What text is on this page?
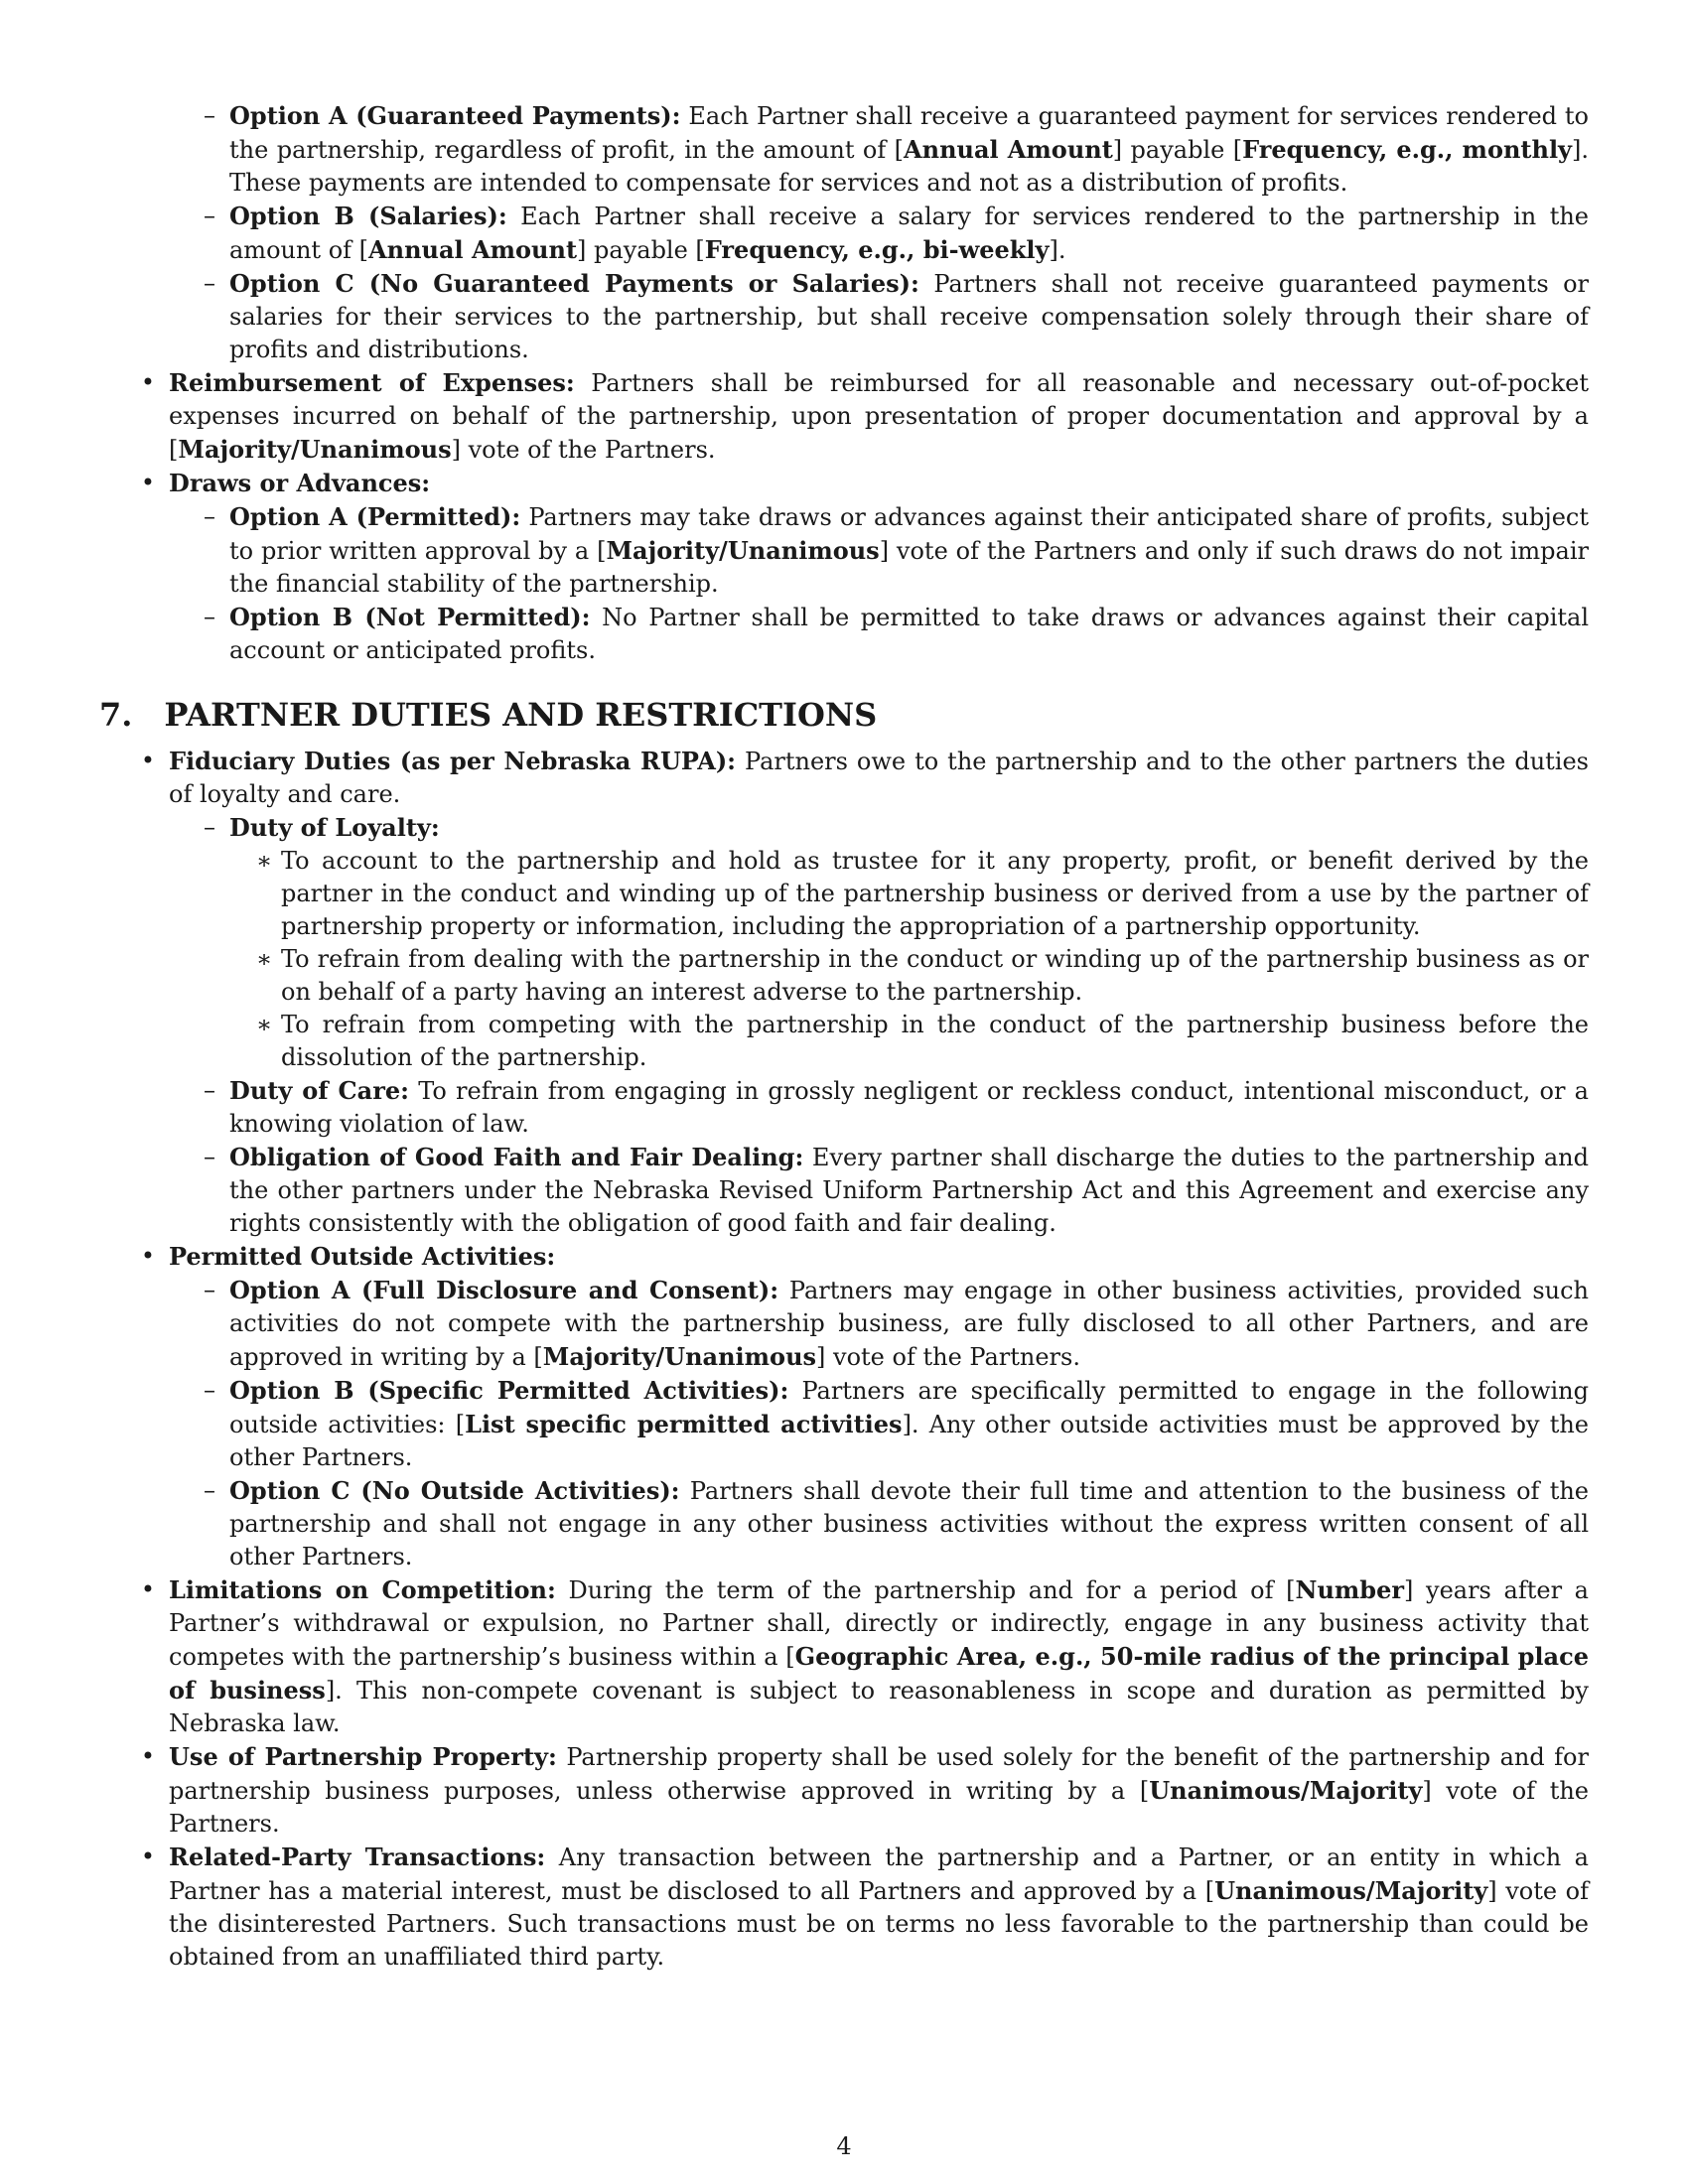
– Option A (Guaranteed Payments): Each Partner shall receive a guaranteed payment for services rendered to the partnership, regardless of profit, in the amount of [Annual Amount] payable [Frequency, e.g., monthly]. These payments are intended to compensate for services and not as a distribution of profits.

– Option B (Salaries): Each Partner shall receive a salary for services rendered to the partnership in the amount of [Annual Amount] payable [Frequency, e.g., bi-weekly].

– Option C (No Guaranteed Payments or Salaries): Partners shall not receive guaranteed payments or salaries for their services to the partnership, but shall receive compensation solely through their share of profits and distributions.

• Reimbursement of Expenses: Partners shall be reimbursed for all reasonable and necessary out-of-pocket expenses incurred on behalf of the partnership, upon presentation of proper documentation and approval by a [Majority/Unanimous] vote of the Partners.

• Draws or Advances:

– Option A (Permitted): Partners may take draws or advances against their anticipated share of profits, subject to prior written approval by a [Majority/Unanimous] vote of the Partners and only if such draws do not impair the financial stability of the partnership.

– Option B (Not Permitted): No Partner shall be permitted to take draws or advances against their capital account or anticipated profits.

7. PARTNER DUTIES AND RESTRICTIONS
• Fiduciary Duties (as per Nebraska RUPA): Partners owe to the partnership and to the other partners the duties of loyalty and care.

– Duty of Loyalty:

∗ To account to the partnership and hold as trustee for it any property, profit, or benefit derived by the partner in the conduct and winding up of the partnership business or derived from a use by the partner of partnership property or information, including the appropriation of a partnership opportunity.

∗ To refrain from dealing with the partnership in the conduct or winding up of the partnership business as or on behalf of a party having an interest adverse to the partnership.

∗ To refrain from competing with the partnership in the conduct of the partnership business before the dissolution of the partnership.

– Duty of Care: To refrain from engaging in grossly negligent or reckless conduct, intentional misconduct, or a knowing violation of law.

– Obligation of Good Faith and Fair Dealing: Every partner shall discharge the duties to the partnership and the other partners under the Nebraska Revised Uniform Partnership Act and this Agreement and exercise any rights consistently with the obligation of good faith and fair dealing.

• Permitted Outside Activities:

– Option A (Full Disclosure and Consent): Partners may engage in other business activities, provided such activities do not compete with the partnership business, are fully disclosed to all other Partners, and are approved in writing by a [Majority/Unanimous] vote of the Partners.

– Option B (Specific Permitted Activities): Partners are specifically permitted to engage in the following outside activities: [List specific permitted activities]. Any other outside activities must be approved by the other Partners.

– Option C (No Outside Activities): Partners shall devote their full time and attention to the business of the partnership and shall not engage in any other business activities without the express written consent of all other Partners.

• Limitations on Competition: During the term of the partnership and for a period of [Number] years after a Partner’s withdrawal or expulsion, no Partner shall, directly or indirectly, engage in any business activity that competes with the partnership’s business within a [Geographic Area, e.g., 50-mile radius of the principal place of business]. This non-compete covenant is subject to reasonableness in scope and duration as permitted by Nebraska law.

• Use of Partnership Property: Partnership property shall be used solely for the benefit of the partnership and for partnership business purposes, unless otherwise approved in writing by a [Unanimous/Majority] vote of the Partners.

• Related-Party Transactions: Any transaction between the partnership and a Partner, or an entity in which a Partner has a material interest, must be disclosed to all Partners and approved by a [Unanimous/Majority] vote of the disinterested Partners. Such transactions must be on terms no less favorable to the partnership than could be obtained from an unaffiliated third party.

4
